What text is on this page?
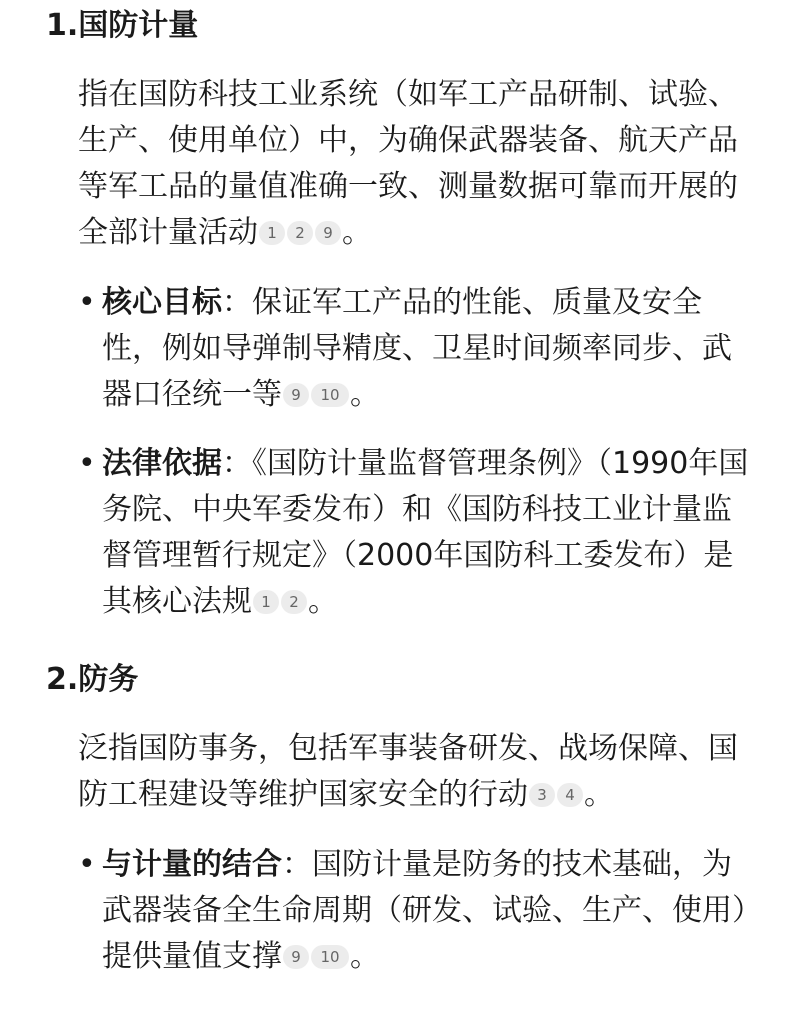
1.国防计量

指在国防科技工业系统（如军工产品研制、试验、生产、使用单位）中，为确保武器装备、航天产品等军工品的量值准确一致、测量数据可靠而开展的全部计量活动 1 2 9 。

• 核心目标：保证军工产品的性能、质量及安全性，例如导弹制导精度、卫星时间频率同步、武器口径统一等 9 10 。
• 法律依据：《国防计量监督管理条例》（1990年国务院、中央军委发布）和《国防科技工业计量监督管理暂行规定》（2000年国防科工委发布）是其核心法规 1 2 。
2.防务

泛指国防事务，包括军事装备研发、战场保障、国防工程建设等维护国家安全的行动 3 4 。

• 与计量的结合：国防计量是防务的技术基础，为武器装备全生命周期（研发、试验、生产、使用）提供量值支撑 9 10 。
